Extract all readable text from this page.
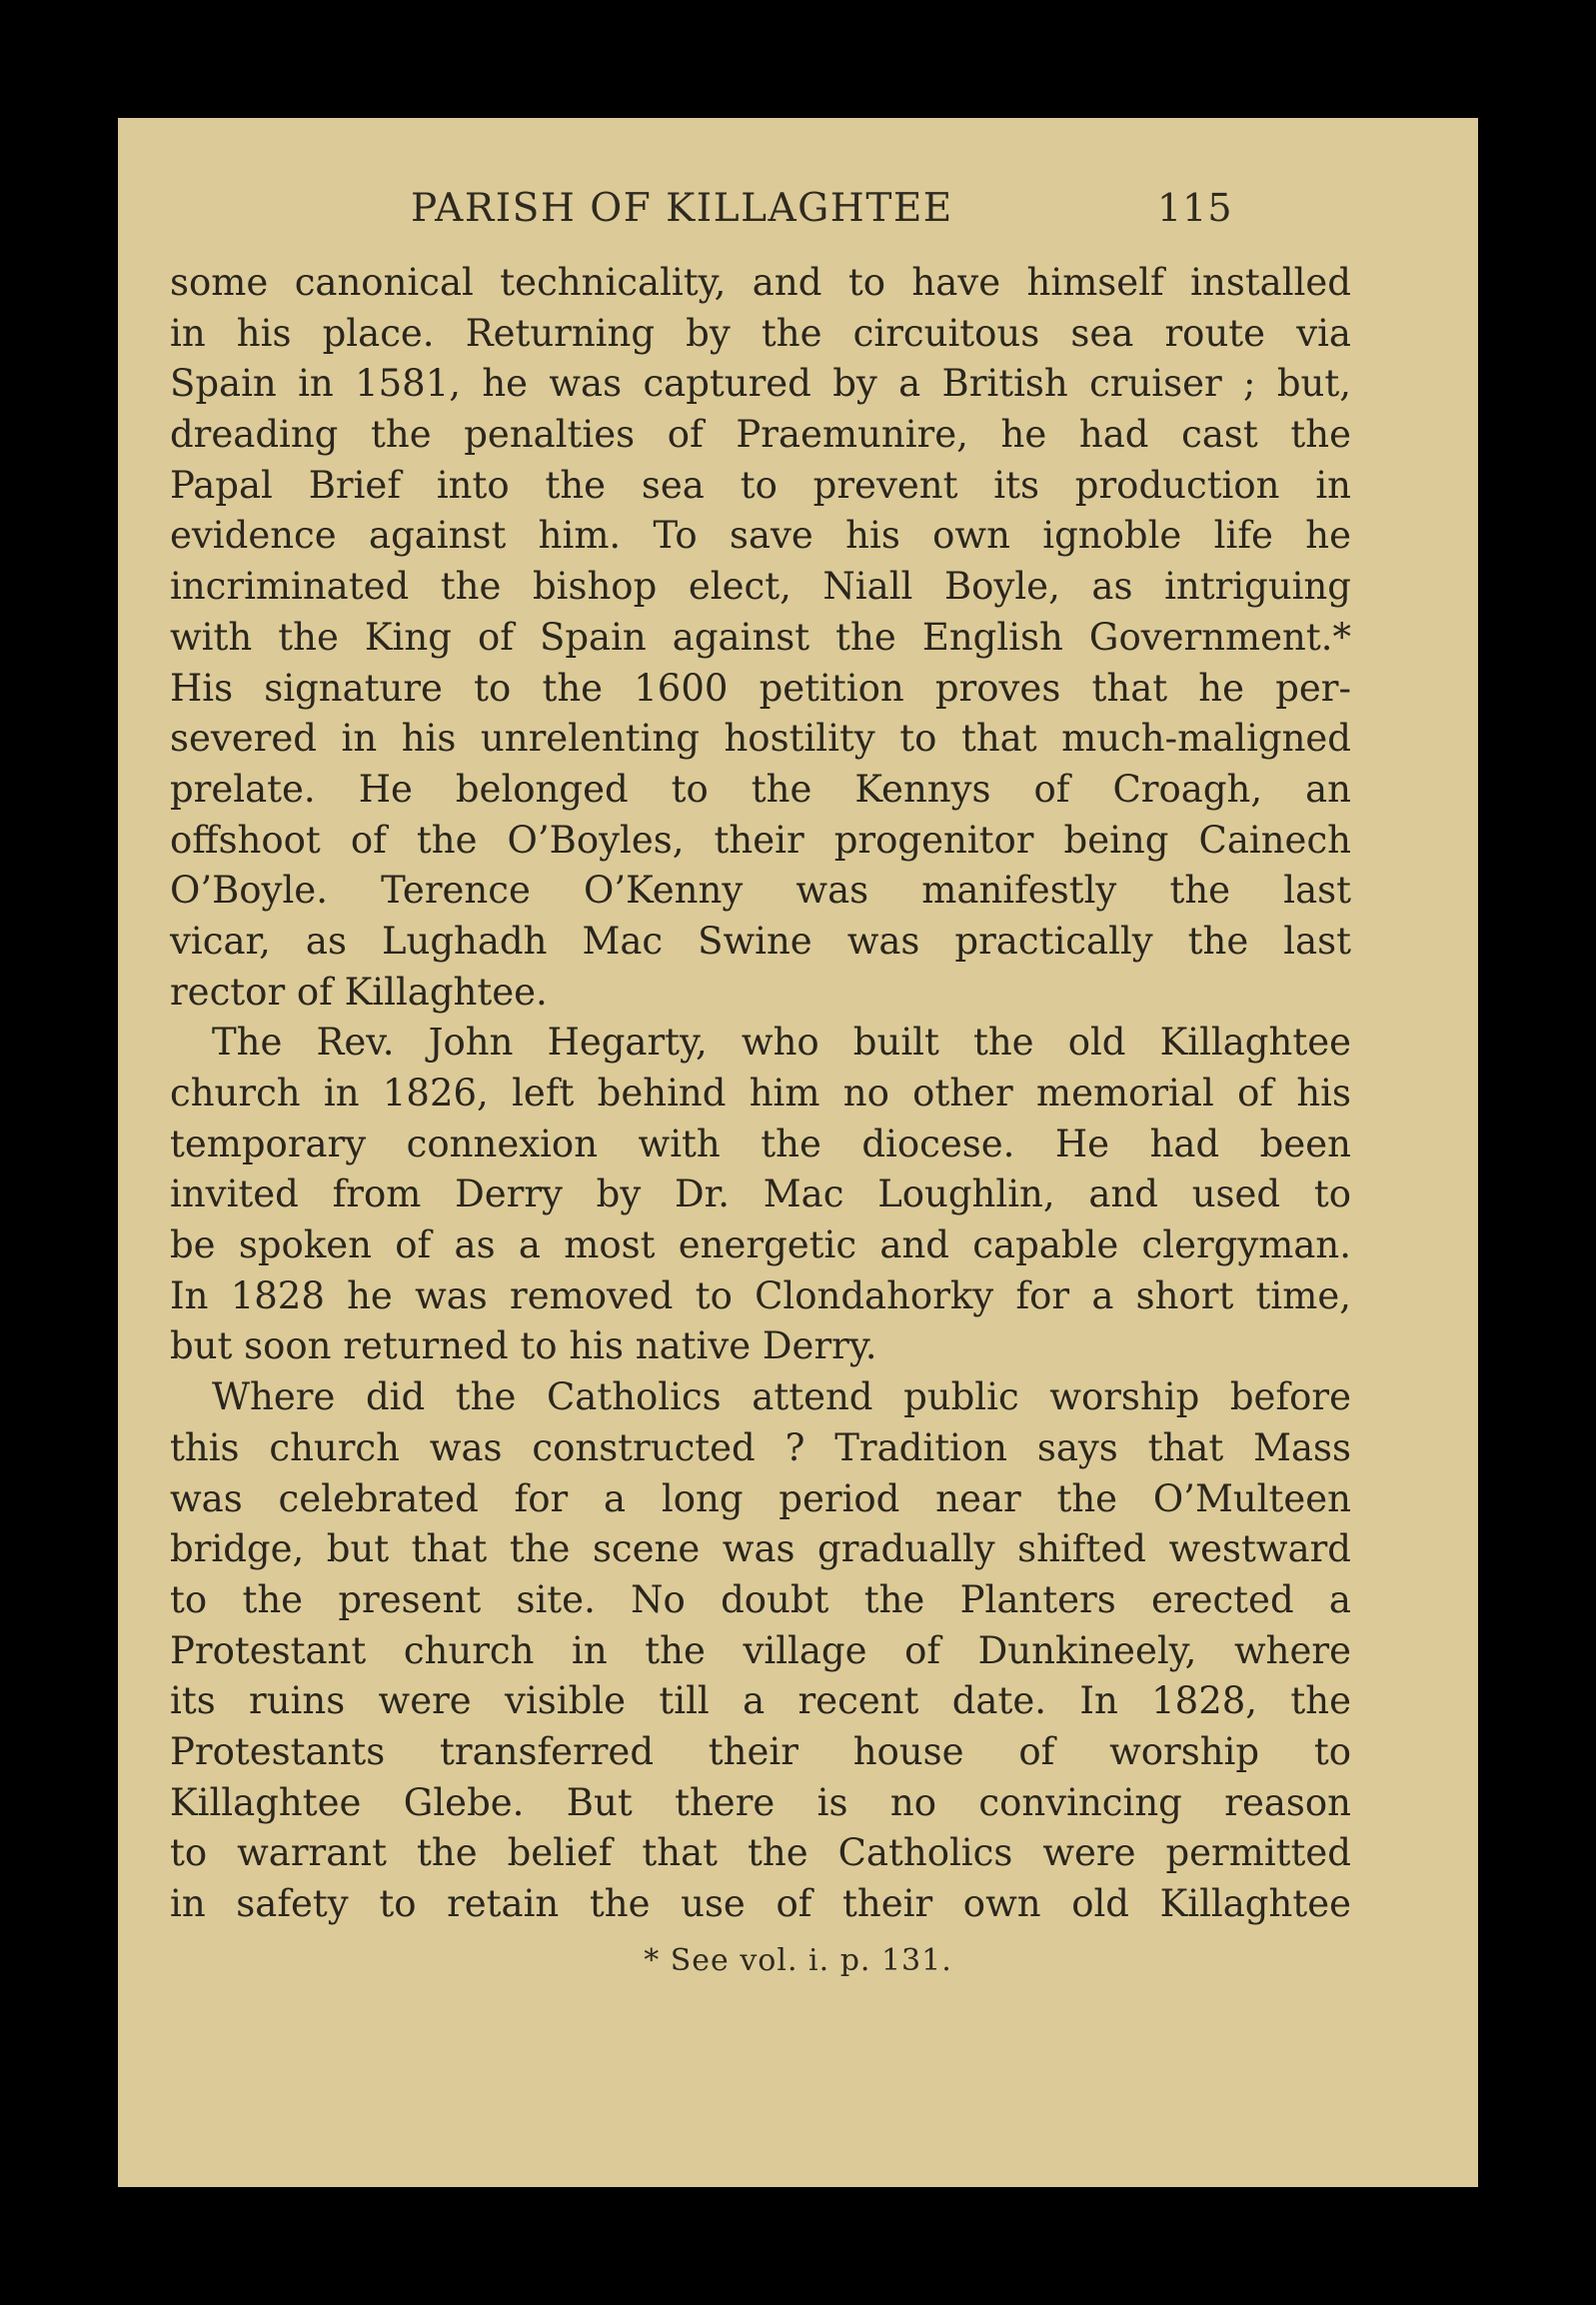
PARISH OF KILLAGHTEE	115
some canonical technicality, and to have himself installed
in his place. Returning by the circuitous sea route via
Spain in 1581, he was captured by a British cruiser ; but,
dreading the penalties of Praemunire, he had cast the
Papal Brief into the sea to prevent its production in
evidence against him. To save his own ignoble life he
incriminated the bishop elect, Niall Boyle, as intriguing
with the King of Spain against the English Government.*
His signature to the 1600 petition proves that he per-
severed in his unrelenting hostility to that much-maligned
prelate. He belonged to the Kennys of Croagh, an
offshoot of the O’Boyles, their progenitor being Cainech
O’Boyle. Terence O’Kenny was manifestly the last
vicar, as Lughadh Mac Swine was practically the last
rector of Killaghtee.
The Rev. John Hegarty, who built the old Killaghtee
church in 1826, left behind him no other memorial of his
temporary connexion with the diocese. He had been
invited from Derry by Dr. Mac Loughlin, and used to
be spoken of as a most energetic and capable clergyman.
In 1828 he was removed to Clondahorky for a short time,
but soon returned to his native Derry.
Where did the Catholics attend public worship before
this church was constructed ? Tradition says that Mass
was celebrated for a long period near the O’Multeen
bridge, but that the scene was gradually shifted westward
to the present site. No doubt the Planters erected a
Protestant church in the village of Dunkineely, where
its ruins were visible till a recent date. In 1828, the
Protestants transferred their house of worship to
Killaghtee Glebe. But there is no convincing reason
to warrant the belief that the Catholics were permitted
in safety to retain the use of their own old Killaghtee
* See vol. i. p. 131.
